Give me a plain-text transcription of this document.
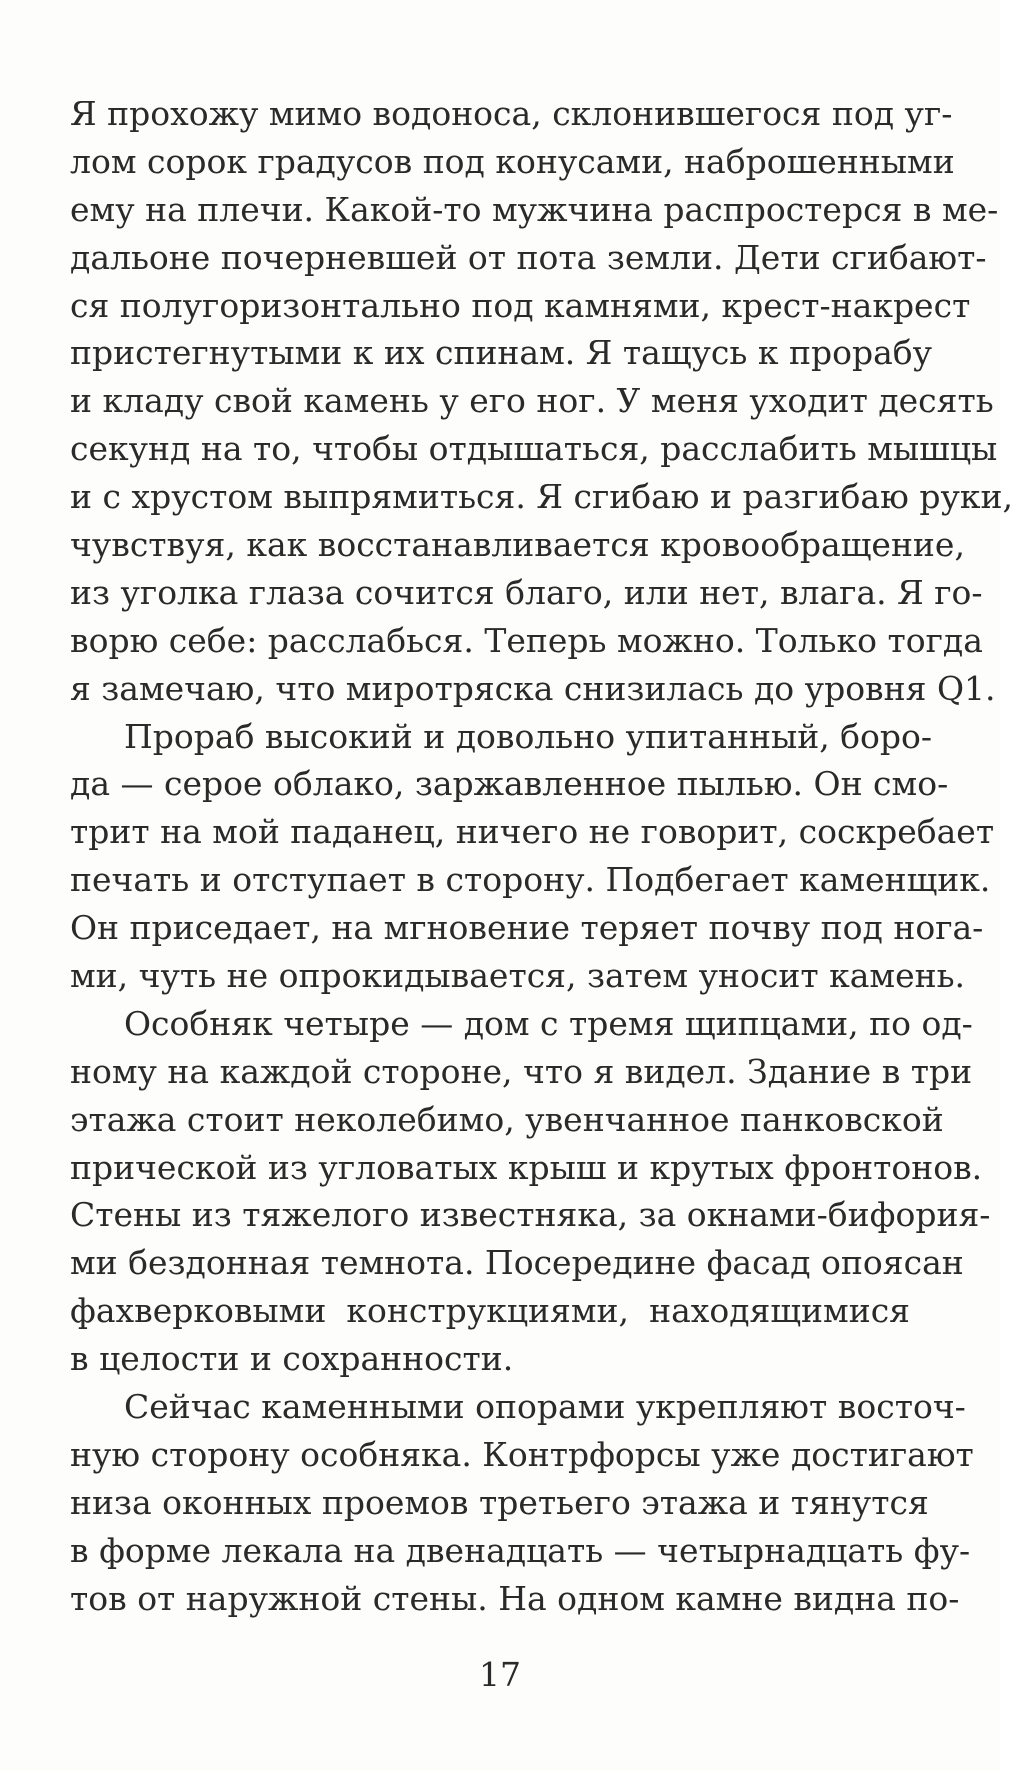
Я прохожу мимо водоноса, склонившегося под уг-
лом сорок градусов под конусами, наброшенными
ему на плечи. Какой-то мужчина распростерся в ме-
дальоне почерневшей от пота земли. Дети сгибают-
ся полугоризонтально под камнями, крест-накрест
пристегнутыми к их спинам. Я тащусь к прорабу
и кладу свой камень у его ног. У меня уходит десять
секунд на то, чтобы отдышаться, расслабить мышцы
и с хрустом выпрямиться. Я сгибаю и разгибаю руки,
чувствуя, как восстанавливается кровообращение,
из уголка глаза сочится благо, или нет, влага. Я го-
ворю себе: расслабься. Теперь можно. Только тогда
я замечаю, что миротряска снизилась до уровня Q1.
Прораб высокий и довольно упитанный, боро-
да — серое облако, заржавленное пылью. Он смо-
трит на мой паданец, ничего не говорит, соскребает
печать и отступает в сторону. Подбегает каменщик.
Он приседает, на мгновение теряет почву под нога-
ми, чуть не опрокидывается, затем уносит камень.
Особняк четыре — дом с тремя щипцами, по од-
ному на каждой стороне, что я видел. Здание в три
этажа стоит неколебимо, увенчанное панковской
прической из угловатых крыш и крутых фронтонов.
Стены из тяжелого известняка, за окнами-бифория-
ми бездонная темнота. Посередине фасад опоясан
фахверковыми конструкциями, находящимися
в целости и сохранности.
Сейчас каменными опорами укрепляют восточ-
ную сторону особняка. Контрфорсы уже достигают
низа оконных проемов третьего этажа и тянутся
в форме лекала на двенадцать — четырнадцать фу-
тов от наружной стены. На одном камне видна по-
17
